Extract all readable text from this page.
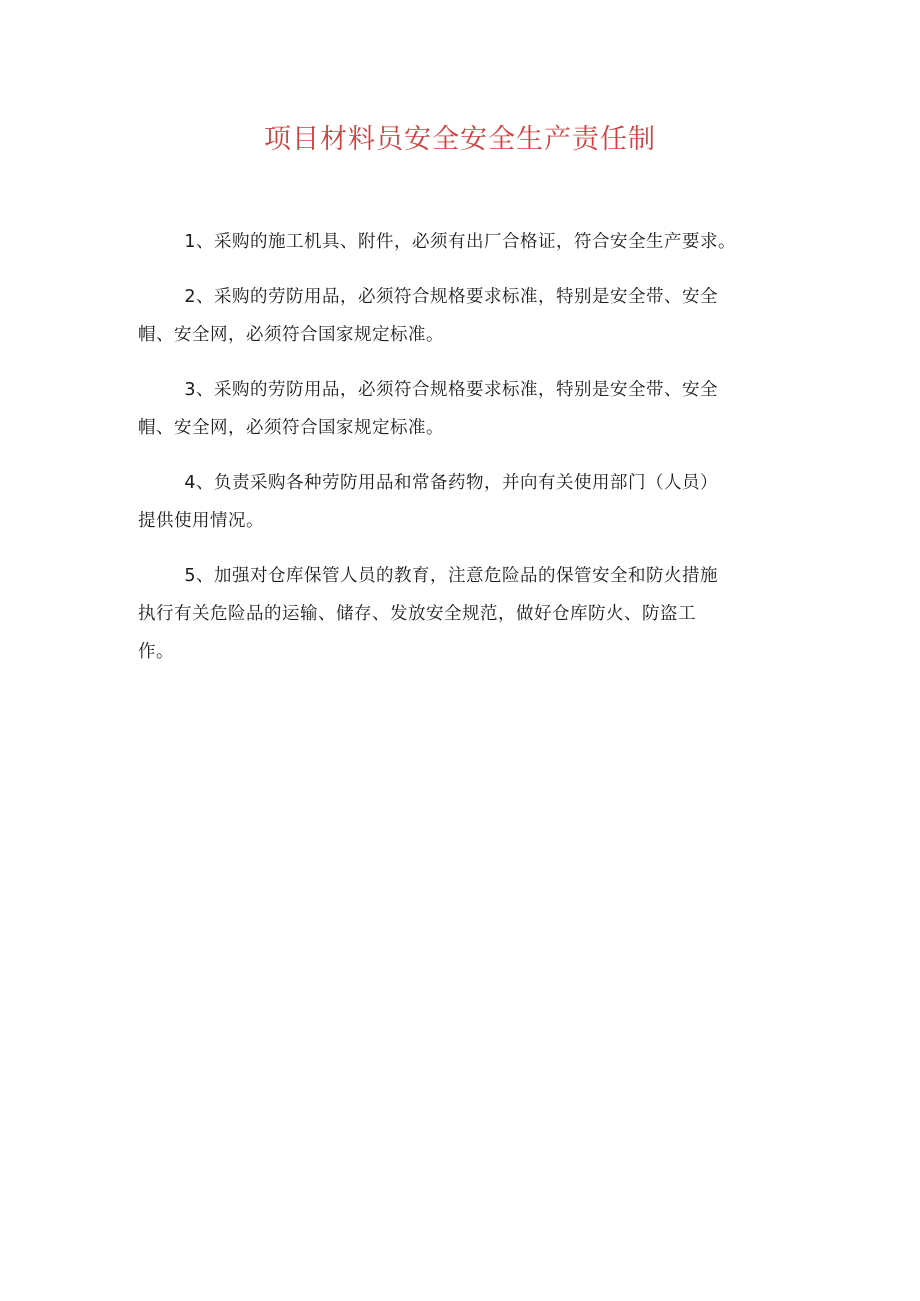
项目材料员安全安全生产责任制

1、采购的施工机具、附件，必须有出厂合格证，符合安全生产要求。

2、采购的劳防用品，必须符合规格要求标准，特别是安全带、安全
帽、安全网，必须符合国家规定标准。

3、采购的劳防用品，必须符合规格要求标准，特别是安全带、安全
帽、安全网，必须符合国家规定标准。

4、负责采购各种劳防用品和常备药物，并向有关使用部门（人员）
提供使用情况。

5、加强对仓库保管人员的教育，注意危险品的保管安全和防火措施
执行有关危险品的运输、储存、发放安全规范，做好仓库防火、防盗工
作。
